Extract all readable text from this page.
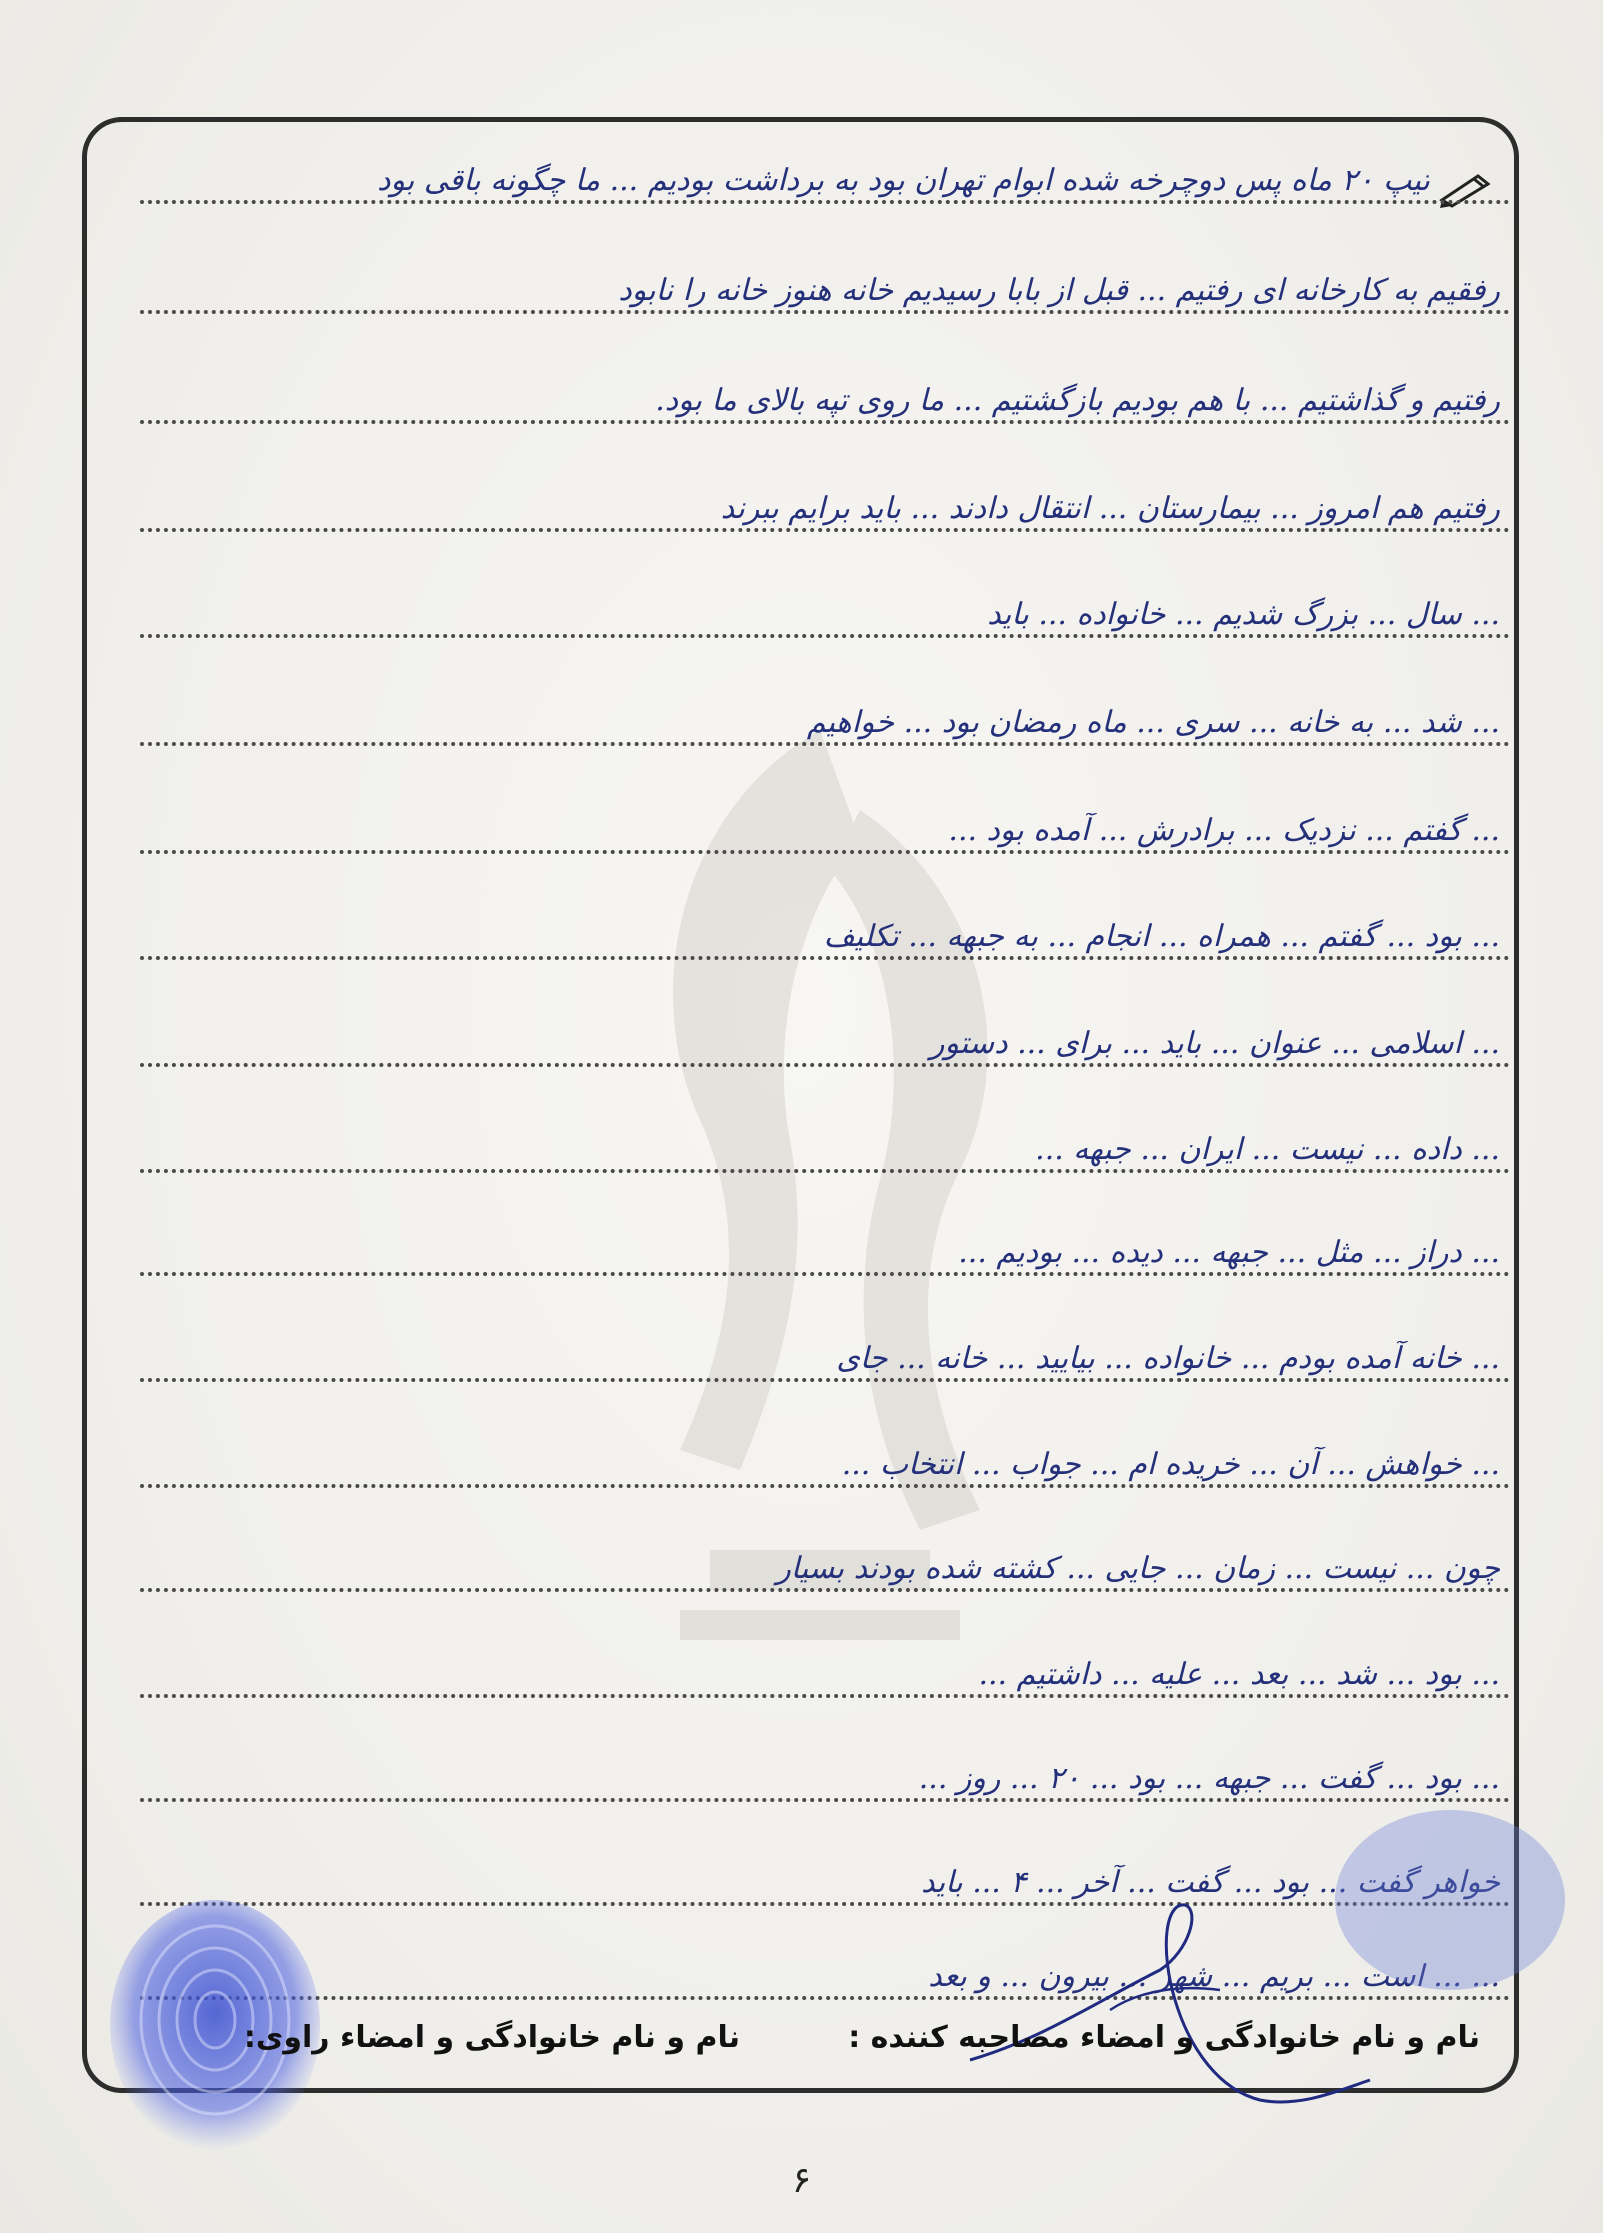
تیپ ۲۰ ماه پس دوچرخه شده ابوام تهران بود به برداشت بودیم ... ما چگونه باقی بود
رفقیم به کارخانه ای رفتیم ... قبل از بابا رسیدیم خانه هنوز خانه را نابود
رفتیم و گذاشتیم ... با هم بودیم بازگشتیم ... ما روی تپه بالای ما بود.
رفتیم هم امروز ... بیمارستان ... انتقال دادند ... باید برایم ببرند
... سال ... بزرگ شدیم ... خانواده ... باید
... شد ... به خانه ... سری ... ماه رمضان بود ... خواهیم
... گفتم ... نزدیک ... برادرش ... آمده بود ...
... بود ... گفتم ... همراه ... انجام ... به جبهه ... تکلیف
... اسلامی ... عنوان ... باید ... برای ... دستور
... داده ... نیست ... ایران ... جبهه ...
... دراز ... مثل ... جبهه ... دیده ... بودیم ...
... خانه آمده بودم ... خانواده ... بیایید ... خانه ... جای
... خواهش ... آن ... خریده ام ... جواب ... انتخاب ...
چون ... نیست ... زمان ... جایی ... کشته شده بودند بسیار
... بود ... شد ... بعد ... علیه ... داشتیم ...
... بود ... گفت ... جبهه ... بود ... ۲۰ ... روز ...
خواهر گفت ... بود ... گفت ... آخر ... ۴ ... باید
... ... است ... بریم ... شهر ... بیرون ... و بعد
نام و نام خانوادگی و امضاء مصاحبه کننده :
نام و نام خانوادگی و امضاء راوی:
۶
